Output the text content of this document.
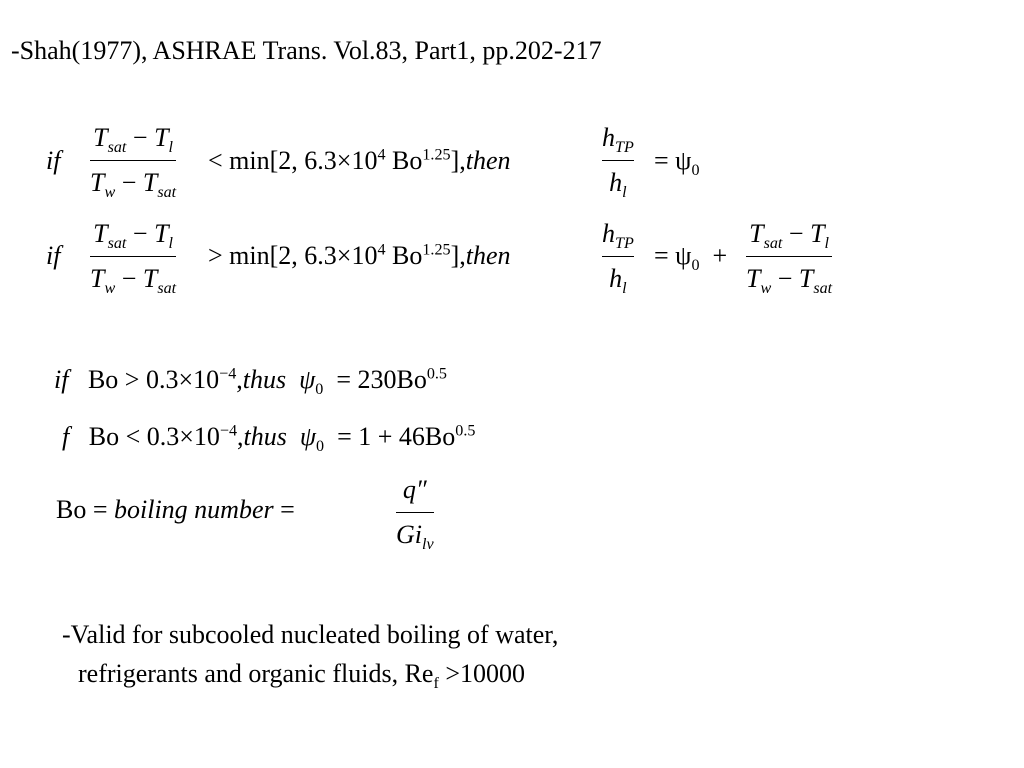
-Shah(1977), ASHRAE Trans. Vol.83, Part1, pp.202-217
if
$T_{sat} - T_l$
$T_w - T_{sat}$
< min[2, $6.3\times 10^4$ $Bo^{1.25}],then$
$h_{TP}$
$h_l$
= $\psi_0$
if
$T_{sat} - T_l$
$T_w - T_{sat}$
> min[2, $6.3\times 10^4$ $Bo^{1.25}],then$
$h_{TP}$
$h_l$
= $\psi_0$ +
$T_{sat} - T_l$
$T_w - T_{sat}$
if $Bo > 0.3\times 10^{-4},thus$ $\psi_0 = 230Bo^{0.5}$
f $Bo < 0.3\times 10^{-4},thus$ $\psi_0 = 1 + 46Bo^{0.5}$
Bo = boiling number =
q″
$Gi_{lv}$
-Valid for subcooled nucleated boiling of water,
refrigerants and organic fluids, $Re_f >10000$
